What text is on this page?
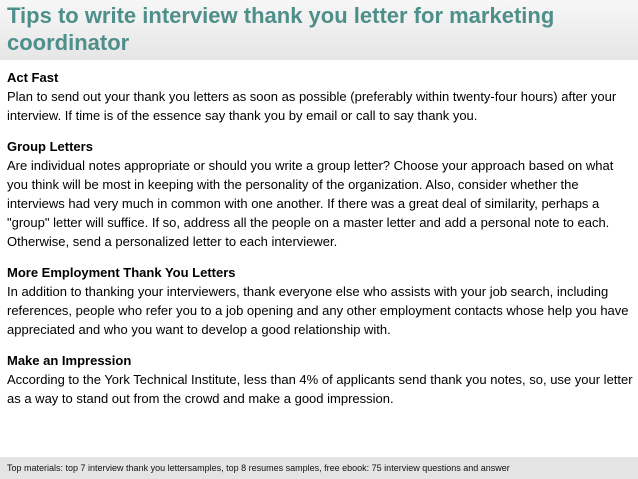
Tips to write interview thank you letter for marketing coordinator

Act Fast

Plan to send out your thank you letters as soon as possible (preferably within twenty-four hours) after your interview. If time is of the essence say thank you by email or call to say thank you.

Group Letters

Are individual notes appropriate or should you write a group letter? Choose your approach based on what you think will be most in keeping with the personality of the organization. Also, consider whether the interviews had very much in common with one another. If there was a great deal of similarity, perhaps a "group" letter will suffice. If so, address all the people on a master letter and add a personal note to each. Otherwise, send a personalized letter to each interviewer.

More Employment Thank You Letters

In addition to thanking your interviewers, thank everyone else who assists with your job search, including references, people who refer you to a job opening and any other employment contacts whose help you have appreciated and who you want to develop a good relationship with.

Make an Impression

According to the York Technical Institute, less than 4% of applicants send thank you notes, so, use your letter as a way to stand out from the crowd and make a good impression.

Top materials: top 7 interview thank you lettersamples, top 8 resumes samples, free ebook: 75 interview questions and answer
